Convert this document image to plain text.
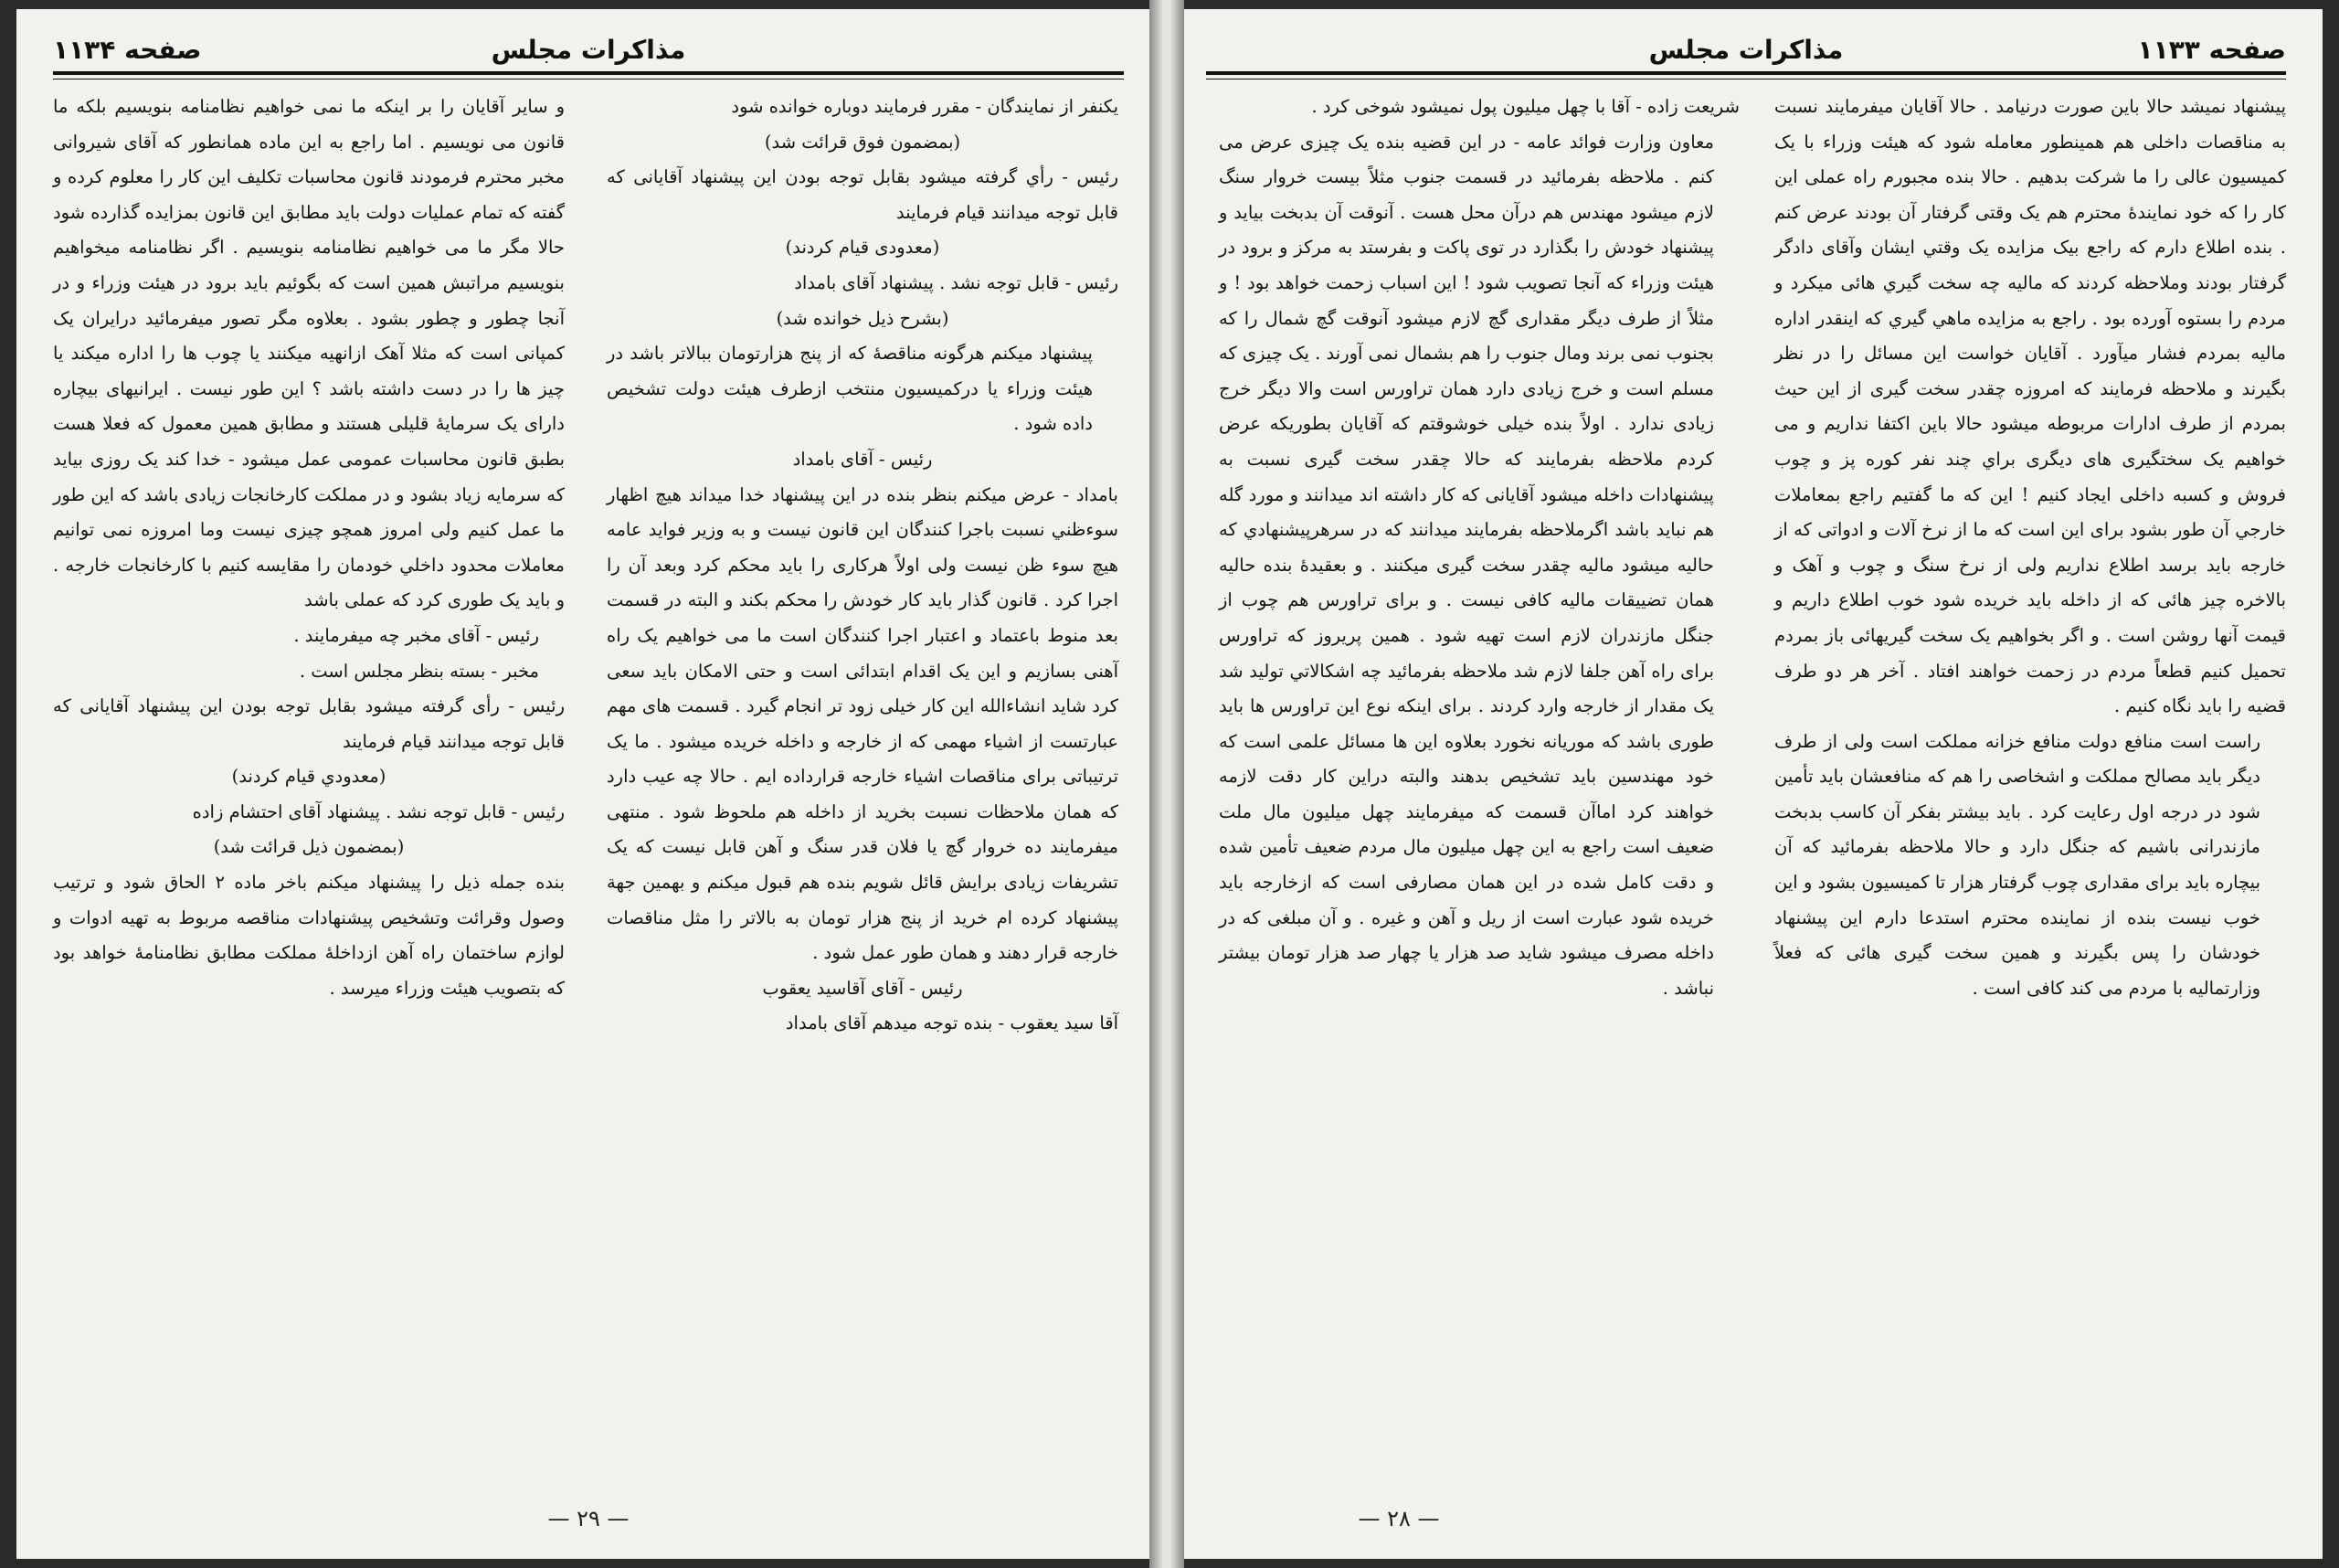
صفحه ۱۱۳۴	مذاکرات مجلس

یکنفر از نمایندگان - مقرر فرمایند دوباره خوانده شود

(بمضمون فوق قرائت شد)

رئیس - رأي گرفته میشود بقابل توجه بودن این پیشنهاد آقایانی که قابل توجه میدانند قیام فرمایند

(معدودی قیام کردند)

رئیس - قابل توجه نشد . پیشنهاد آقای بامداد

(بشرح ذیل خوانده شد)

پیشنهاد میکنم هرگونه مناقصهٔ که از پنج هزارتومان ببالاتر باشد در هیئت وزراء یا درکمیسیون منتخب ازطرف هیئت دولت تشخیص داده شود .

رئیس - آقای بامداد

بامداد - عرض میکنم بنظر بنده در این پیشنهاد خدا میداند هیچ اظهار سوءظني نسبت باجرا کنندگان این قانون نیست و به وزیر فواید عامه هیچ سوء ظن نیست ولی اولاً هرکاری را باید محکم کرد وبعد آن را اجرا کرد . قانون گذار باید کار خودش را محکم بکند و البته در قسمت بعد منوط باعتماد و اعتبار اجرا کنندگان است ما می خواهیم یک راه آهنی بسازیم و این یک اقدام ابتدائی است و حتی الامکان باید سعی کرد شاید انشاءالله این کار خیلی زود تر انجام گیرد . قسمت های مهم عبارتست از اشیاء مهمی که از خارجه و داخله خریده میشود . ما یک ترتیباتی برای مناقصات اشیاء خارجه قرارداده ایم . حالا چه عیب دارد که همان ملاحظات نسبت بخرید از داخله هم ملحوظ شود . منتهی میفرمایند ده خروار گچ یا فلان قدر سنگ و آهن قابل نیست که یک تشریفات زیادی برایش قائل شویم بنده هم قبول میکنم و بهمین جهة پیشنهاد کرده ام خرید از پنج هزار تومان به بالاتر را مثل مناقصات خارجه قرار دهند و همان طور عمل شود .

رئیس - آقای آقاسید یعقوب

آقا سید یعقوب - بنده توجه میدهم آقای بامداد

و سایر آقایان را بر اینکه ما نمی خواهیم نظامنامه بنویسیم بلکه ما قانون می نویسیم . اما راجع به این ماده همانطور که آقای شیروانی مخبر محترم فرمودند قانون محاسبات تکلیف این کار را معلوم کرده و گفته که تمام عملیات دولت باید مطابق این قانون بمزایده گذارده شود حالا مگر ما می خواهیم نظامنامه بنویسیم . اگر نظامنامه میخواهیم بنویسیم مراتبش همین است که بگوئیم باید برود در هیئت وزراء و در آنجا چطور و چطور بشود . بعلاوه مگر تصور میفرمائید درایران یک کمپانی است که مثلا آهک ازانهیه میکنند یا چوب ها را اداره میکند یا چیز ها را در دست داشته باشد ؟ این طور نیست . ایرانیهای بیچاره دارای یک سرمایهٔ قلیلی هستند و مطابق همین معمول که فعلا هست بطبق قانون محاسبات عمومی عمل میشود - خدا کند یک روزی بیاید که سرمایه زیاد بشود و در مملکت کارخانجات زیادی باشد که این طور ما عمل کنیم ولی امروز همچو چیزی نیست وما امروزه نمی توانیم معاملات محدود داخلي خودمان را مقایسه کنیم با کارخانجات خارجه . و باید یک طوری کرد که عملی باشد

رئیس - آقای مخبر چه میفرمایند .

مخبر - بسته بنظر مجلس است .

رئیس - رأی گرفته میشود بقابل توجه بودن این پیشنهاد آقایانی که قابل توجه میدانند قیام فرمایند

(معدودي قیام کردند)

رئیس - قابل توجه نشد . پیشنهاد آقای احتشام زاده

(بمضمون ذیل قرائت شد)

بنده جمله ذیل را پیشنهاد میکنم باخر ماده ۲ الحاق شود و ترتیب وصول وقرائت وتشخیص پیشنهادات مناقصه مربوط به تهیه ادوات و لوازم ساختمان راه آهن ازداخلهٔ مملکت مطابق نظامنامهٔ خواهد بود که بتصویب هیئت وزراء میرسد .

— ۲۹ —
صفحه ۱۱۳۳
مذاکرات مجلس

پیشنهاد نمیشد حالا باین صورت درنیامد . حالا آقایان میفرمایند نسبت به مناقصات داخلی هم همینطور معامله شود که هیئت وزراء با یک کمیسیون عالی را ما شرکت بدهیم . حالا بنده مجبورم راه عملی این کار را که خود نمایندهٔ محترم هم یک وقتی گرفتار آن بودند عرض کنم . بنده اطلاع دارم که راجع بیک مزایده یک وقتي ایشان وآقای دادگر گرفتار بودند وملاحظه کردند که مالیه چه سخت گیري هائی میکرد و مردم را بستوه آورده بود . راجع به مزایده ماهي گیري که اینقدر اداره مالیه بمردم فشار میآورد . آقایان خواست این مسائل را در نظر بگیرند و ملاحظه فرمایند که امروزه چقدر سخت گیری از این حیث بمردم از طرف ادارات مربوطه میشود حالا باین اکتفا نداریم و می خواهیم یک سختگیری های دیگری براي چند نفر کوره پز و چوب فروش و کسبه داخلی ایجاد کنیم ! این که ما گفتیم راجع بمعاملات خارجي آن طور بشود برای این است که ما از نرخ آلات و ادواتی که از خارجه باید برسد اطلاع نداریم ولی از نرخ سنگ و چوب و آهک و بالاخره چیز هائی که از داخله باید خریده شود خوب اطلاع داریم و قیمت آنها روشن است . و اگر بخواهیم یک سخت گیریهائی باز بمردم تحمیل کنیم قطعاً مردم در زحمت خواهند افتاد . آخر هر دو طرف قضیه را باید نگاه کنیم .

راست است منافع دولت منافع خزانه مملکت است ولی از طرف دیگر باید مصالح مملکت و اشخاصی را هم که منافعشان باید تأمین شود در درجه اول رعایت کرد . باید بیشتر بفکر آن کاسب بدبخت مازندرانی باشیم که جنگل دارد و حالا ملاحظه بفرمائید که آن بیچاره باید برای مقداری چوب گرفتار هزار تا کمیسیون بشود و این خوب نیست بنده از نماینده محترم استدعا دارم این پیشنهاد خودشان را پس بگیرند و همین سخت گیری هائی که فعلاً وزارتمالیه با مردم می کند کافی است .

شریعت زاده - آقا با چهل میلیون پول نمیشود شوخی کرد .

معاون وزارت فوائد عامه - در این قضیه بنده یک چیزی عرض می کنم . ملاحظه بفرمائید در قسمت جنوب مثلاً بیست خروار سنگ لازم میشود مهندس هم درآن محل هست . آنوقت آن بدبخت بیاید و پیشنهاد خودش را بگذارد در توی پاکت و بفرستد به مرکز و برود در هیئت وزراء که آنجا تصویب شود ! این اسباب زحمت خواهد بود ! و مثلاً از طرف دیگر مقداری گچ لازم میشود آنوقت گچ شمال را که بجنوب نمی برند ومال جنوب را هم بشمال نمی آورند . یک چیزی که مسلم است و خرج زیادی دارد همان تراورس است والا دیگر خرج زیادی ندارد . اولاً بنده خیلی خوشوقتم که آقایان بطوریکه عرض کردم ملاحظه بفرمایند که حالا چقدر سخت گیری نسبت به پیشنهادات داخله میشود آقایانی که کار داشته اند میدانند و مورد گله هم نباید باشد اگرملاحظه بفرمایند میدانند که در سرهرپیشنهادي که حالیه میشود مالیه چقدر سخت گیری میکنند . و بعقیدهٔ بنده حالیه همان تضییقات مالیه کافی نیست . و برای تراورس هم چوب از جنگل مازندران لازم است تهیه شود . همین پریروز که تراورس برای راه آهن جلفا لازم شد ملاحظه بفرمائید چه اشکالاتي تولید شد یک مقدار از خارجه وارد کردند . برای اینکه نوع این تراورس ها باید طوری باشد که موریانه نخورد بعلاوه این ها مسائل علمی است که خود مهندسین باید تشخیص بدهند والبته دراین کار دقت لازمه خواهند کرد اماآن قسمت که میفرمایند چهل میلیون مال ملت ضعیف است راجع به این چهل میلیون مال مردم ضعیف تأمین شده و دقت کامل شده در این همان مصارفی است که ازخارجه باید خریده شود عبارت است از ریل و آهن و غیره . و آن مبلغی که در داخله مصرف میشود شاید صد هزار یا چهار صد هزار تومان بیشتر نباشد .

— ۲۸ —
